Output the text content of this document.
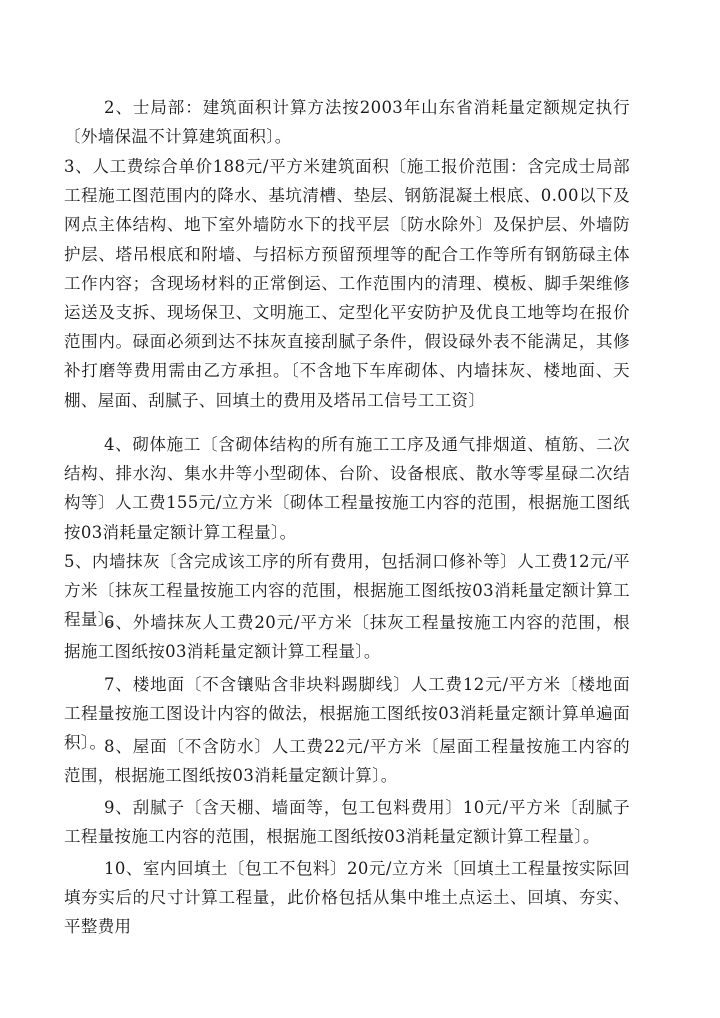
2、士局部：建筑面积计算方法按2003年山东省消耗量定额规定执行〔外墙保温不计算建筑面积〕。

3、人工费综合单价188元/平方米建筑面积〔施工报价范围：含完成士局部工程施工图范围内的降水、基坑清槽、垫层、钢筋混凝土根底、0.00以下及网点主体结构、地下室外墙防水下的找平层〔防水除外〕及保护层、外墙防护层、塔吊根底和附墙、与招标方预留预埋等的配合工作等所有钢筋碌主体工作内容；含现场材料的正常倒运、工作范围内的清理、模板、脚手架维修运送及支拆、现场保卫、文明施工、定型化平安防护及优良工地等均在报价范围内。碌面必须到达不抹灰直接刮腻子条件，假设碌外表不能满足，其修补打磨等费用需由乙方承担。〔不含地下车库砌体、内墙抹灰、楼地面、天棚、屋面、刮腻子、回填土的费用及塔吊工信号工工资〕

4、砌体施工〔含砌体结构的所有施工工序及通气排烟道、植筋、二次结构、排水沟、集水井等小型砌体、台阶、设备根底、散水等零星碌二次结构等〕人工费155元/立方米〔砌体工程量按施工内容的范围，根据施工图纸按03消耗量定额计算工程量〕。

5、内墙抹灰〔含完成该工序的所有费用，包括洞口修补等〕人工费12元/平方米〔抹灰工程量按施工内容的范围，根据施工图纸按03消耗量定额计算工程量〕。

6、外墙抹灰人工费20元/平方米〔抹灰工程量按施工内容的范围，根据施工图纸按03消耗量定额计算工程量〕。

7、楼地面〔不含镶贴含非块料踢脚线〕人工费12元/平方米〔楼地面工程量按施工图设计内容的做法，根据施工图纸按03消耗量定额计算单遍面积〕。

8、屋面〔不含防水〕人工费22元/平方米〔屋面工程量按施工内容的范围，根据施工图纸按03消耗量定额计算〕。

9、刮腻子〔含天棚、墙面等，包工包料费用〕10元/平方米〔刮腻子工程量按施工内容的范围，根据施工图纸按03消耗量定额计算工程量〕。

10、室内回填土〔包工不包料〕20元/立方米〔回填土工程量按实际回填夯实后的尺寸计算工程量，此价格包括从集中堆土点运土、回填、夯实、平整费用
